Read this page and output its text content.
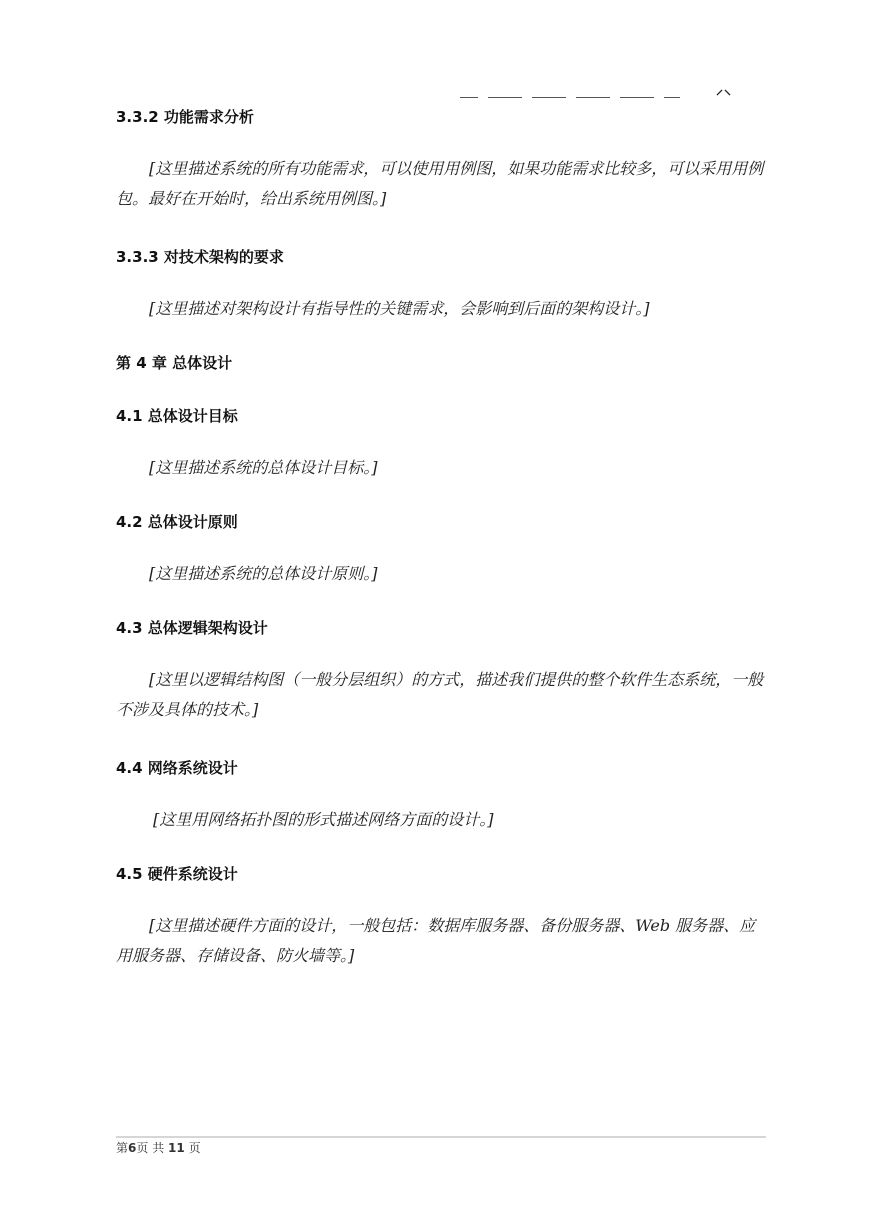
⸝⸜
3.3.2 功能需求分析

[这里描述系统的所有功能需求，可以使用用例图，如果功能需求比较多，可以采用用例包。最好在开始时，给出系统用例图。]

3.3.3 对技术架构的要求

[这里描述对架构设计有指导性的关键需求，会影响到后面的架构设计。]

第 4 章 总体设计
4.1 总体设计目标

[这里描述系统的总体设计目标。]

4.2 总体设计原则

[这里描述系统的总体设计原则。]

4.3 总体逻辑架构设计

[这里以逻辑结构图（一般分层组织）的方式，描述我们提供的整个软件生态系统，一般不涉及具体的技术。]

4.4 网络系统设计

[这里用网络拓扑图的形式描述网络方面的设计。]

4.5 硬件系统设计

[这里描述硬件方面的设计，一般包括：数据库服务器、备份服务器、Web 服务器、应用服务器、存储设备、防火墙等。]

第6页 共 11 页
